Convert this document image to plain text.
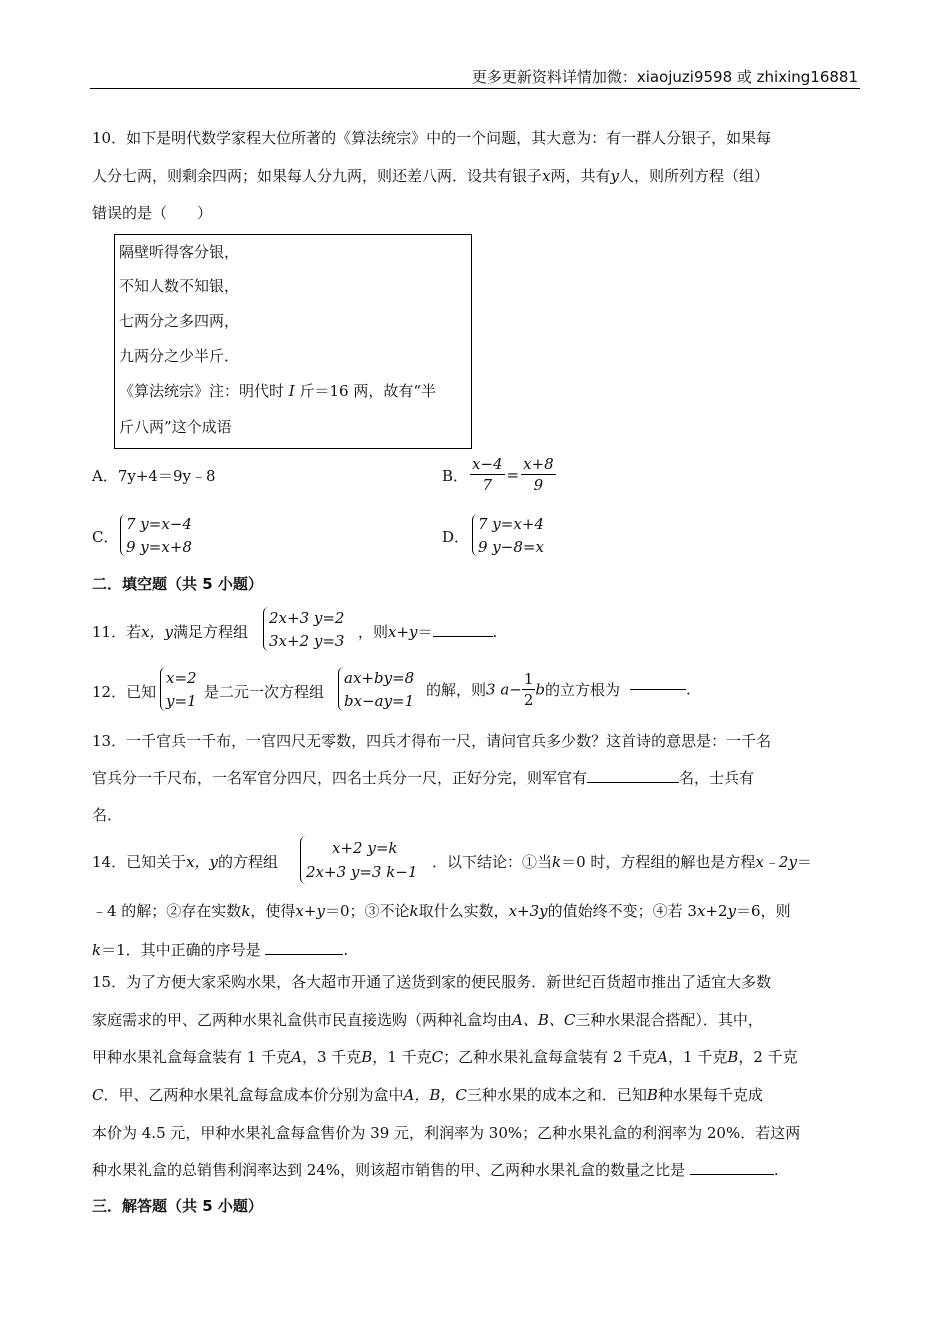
更多更新资料详情加微：xiaojuzi9598 或 zhixing16881
10．如下是明代数学家程大位所著的《算法统宗》中的一个问题，其大意为：有一群人分银子，如果每
人分七两，则剩余四两；如果每人分九两，则还差八两．设共有银子x两，共有y人，则所列方程（组）
错误的是（　　）
隔壁听得客分银，
不知人数不知银，
七两分之多四两，
九两分之少半斤．
《算法统宗》注：明代时 I 斤＝16 两，故有“半
斤八两”这个成语
A．7y+4＝9y﹣8	B． $\frac{x-4}{7} = \frac{x+8}{9}$
C．
7 y=x−4
9 y=x+8
D．
7 y=x+4
9 y−8=x
二．填空题（共 5 小题）
11．若x，y满足方程组
2x+3 y=2
3x+2 y=3 ，则x+y＝	.
12．已知
x=2
y=1 是二元一次方程组
ax+by=8
bx−ay=1
的解，则3 $a- \frac{1}{2}$ b的立方根为	.
13．一千官兵一千布，一官四尺无零数，四兵才得布一尺，请问官兵多少数？这首诗的意思是：一千名
官兵分一千尺布，一名军官分四尺，四名士兵分一尺，正好分完，则军官有	名，士兵有
名．
14．已知关于x，y的方程组
x+2 y=k
2x+3 y=3 k−1
．以下结论：①当k＝0 时，方程组的解也是方程x﹣2y＝
﹣4 的解；②存在实数k，使得x+y＝0；③不论k取什么实数，x+3y的值始终不变；④若 3x+2y＝6，则
k＝1．其中正确的序号是	.
15．为了方便大家采购水果，各大超市开通了送货到家的便民服务．新世纪百货超市推出了适宜大多数
家庭需求的甲、乙两种水果礼盒供市民直接选购（两种礼盒均由A、B、C三种水果混合搭配）．其中，
甲种水果礼盒每盒装有 1 千克A，3 千克B，1 千克C；乙种水果礼盒每盒装有 2 千克A，1 千克B，2 千克
C．甲、乙两种水果礼盒每盒成本价分别为盒中A，B，C三种水果的成本之和．已知B种水果每千克成
本价为 4.5 元，甲种水果礼盒每盒售价为 39 元，利润率为 30%；乙种水果礼盒的利润率为 20%．若这两
种水果礼盒的总销售利润率达到 24%，则该超市销售的甲、乙两种水果礼盒的数量之比是	.
三．解答题（共 5 小题）
